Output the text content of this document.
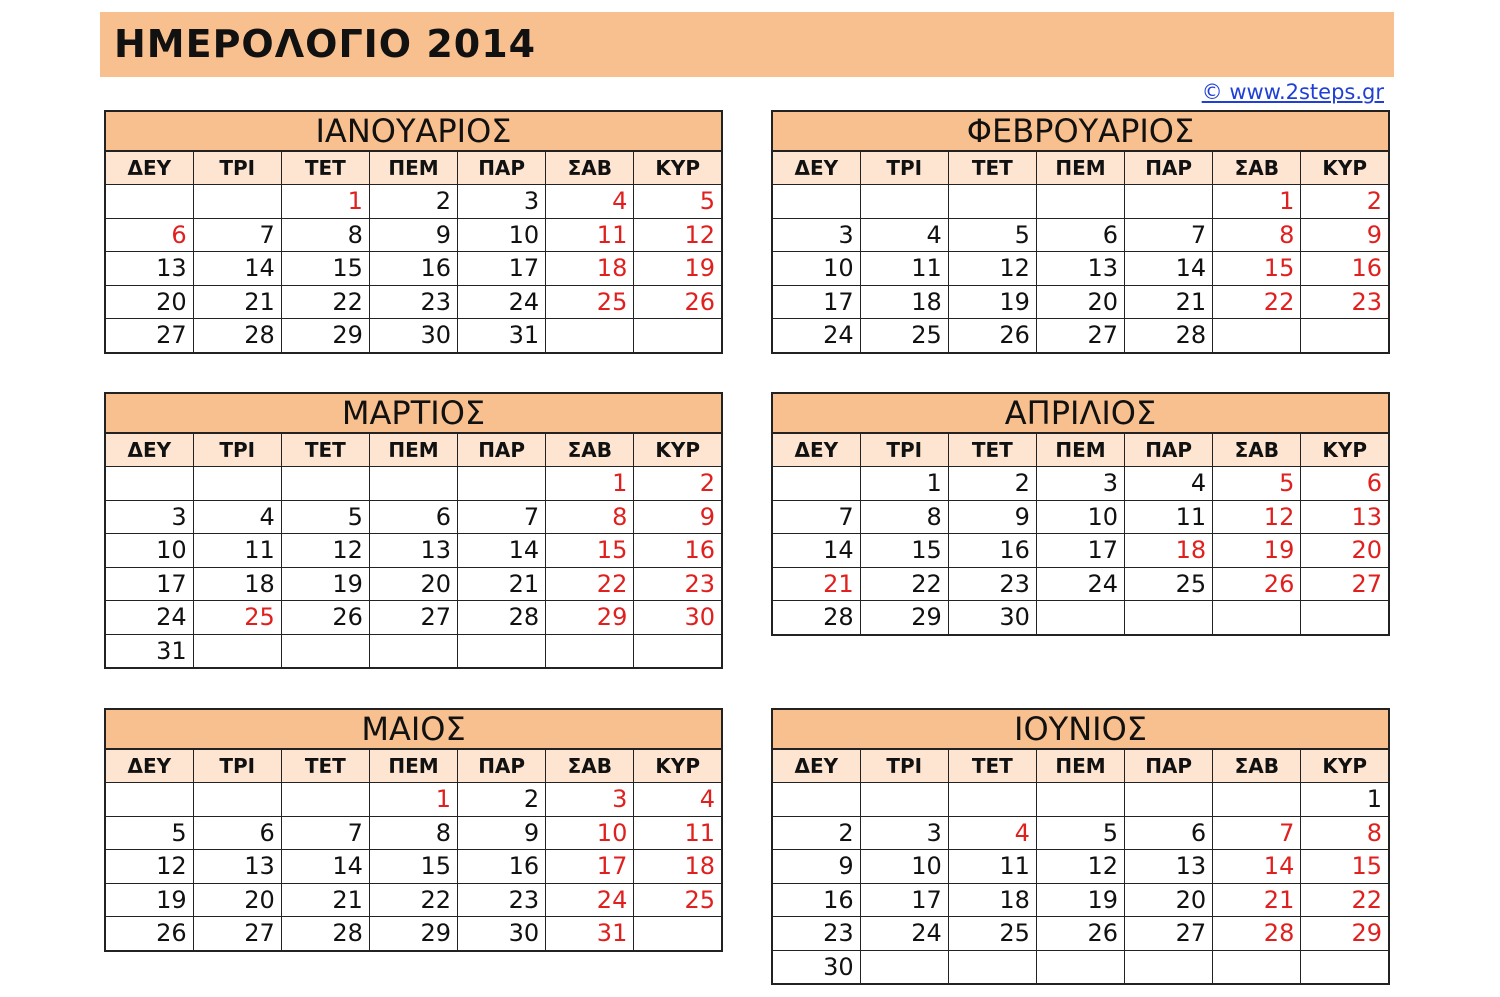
ΗΜΕΡΟΛΟΓΙΟ 2014
© www.2steps.gr
ΙΑΝΟΥΑΡΙΟΣ						
ΔΕΥ	ΤΡΙ	ΤΕΤ	ΠΕΜ	ΠΑΡ	ΣΑΒ	ΚΥΡ
		1	2	3	4	5
6	7	8	9	10	11	12
13	14	15	16	17	18	19
20	21	22	23	24	25	26
27	28	29	30	31		
ΦΕΒΡΟΥΑΡΙΟΣ						
ΔΕΥ	ΤΡΙ	ΤΕΤ	ΠΕΜ	ΠΑΡ	ΣΑΒ	ΚΥΡ
					1	2
3	4	5	6	7	8	9
10	11	12	13	14	15	16
17	18	19	20	21	22	23
24	25	26	27	28		
ΜΑΡΤΙΟΣ						
ΔΕΥ	ΤΡΙ	ΤΕΤ	ΠΕΜ	ΠΑΡ	ΣΑΒ	ΚΥΡ
					1	2
3	4	5	6	7	8	9
10	11	12	13	14	15	16
17	18	19	20	21	22	23
24	25	26	27	28	29	30
31						
ΑΠΡΙΛΙΟΣ						
ΔΕΥ	ΤΡΙ	ΤΕΤ	ΠΕΜ	ΠΑΡ	ΣΑΒ	ΚΥΡ
	1	2	3	4	5	6
7	8	9	10	11	12	13
14	15	16	17	18	19	20
21	22	23	24	25	26	27
28	29	30				
ΜΑΙΟΣ						
ΔΕΥ	ΤΡΙ	ΤΕΤ	ΠΕΜ	ΠΑΡ	ΣΑΒ	ΚΥΡ
			1	2	3	4
5	6	7	8	9	10	11
12	13	14	15	16	17	18
19	20	21	22	23	24	25
26	27	28	29	30	31	
ΙΟΥΝΙΟΣ						
ΔΕΥ	ΤΡΙ	ΤΕΤ	ΠΕΜ	ΠΑΡ	ΣΑΒ	ΚΥΡ
						1
2	3	4	5	6	7	8
9	10	11	12	13	14	15
16	17	18	19	20	21	22
23	24	25	26	27	28	29
30						
